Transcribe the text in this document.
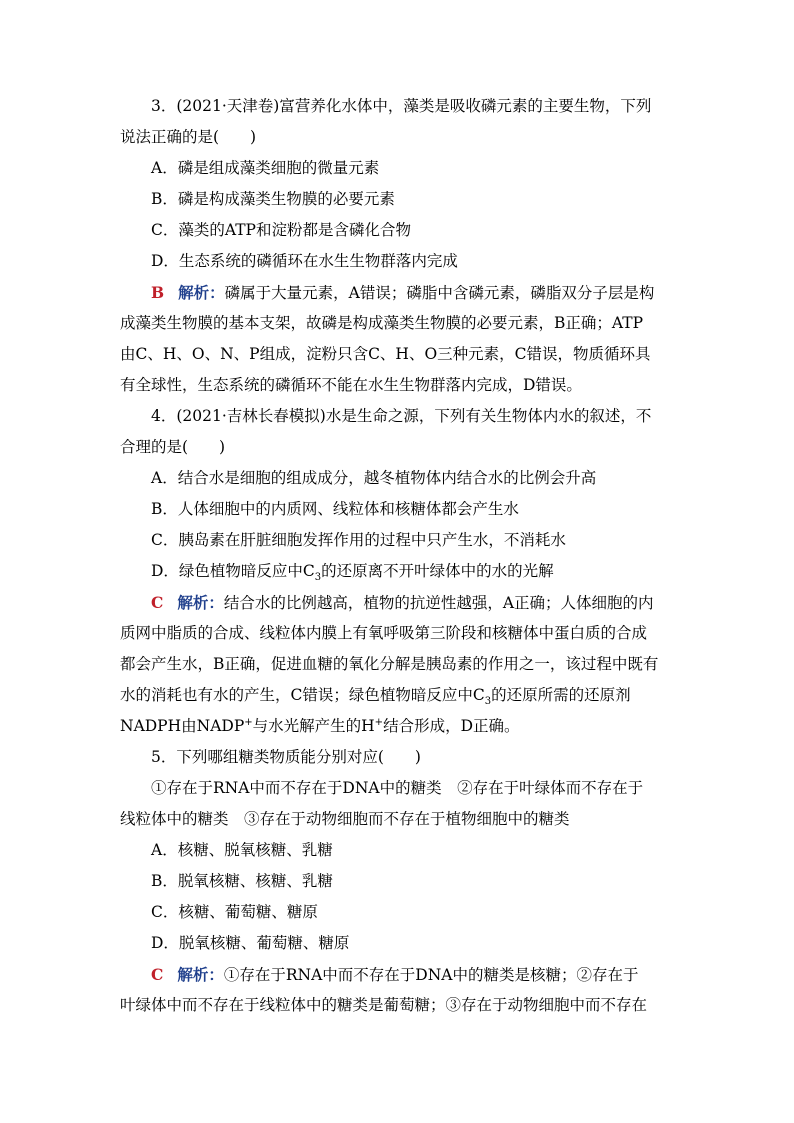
3．(2021·天津卷)富营养化水体中，藻类是吸收磷元素的主要生物，下列
说法正确的是(　　)
A．磷是组成藻类细胞的微量元素
B．磷是构成藻类生物膜的必要元素
C．藻类的ATP和淀粉都是含磷化合物
D．生态系统的磷循环在水生生物群落内完成
B 解析：磷属于大量元素，A错误；磷脂中含磷元素，磷脂双分子层是构
成藻类生物膜的基本支架，故磷是构成藻类生物膜的必要元素，B正确；ATP
由C、H、O、N、P组成，淀粉只含C、H、O三种元素，C错误，物质循环具
有全球性，生态系统的磷循环不能在水生生物群落内完成，D错误。
4．(2021·吉林长春模拟)水是生命之源，下列有关生物体内水的叙述，不
合理的是(　　)
A．结合水是细胞的组成成分，越冬植物体内结合水的比例会升高
B．人体细胞中的内质网、线粒体和核糖体都会产生水
C．胰岛素在肝脏细胞发挥作用的过程中只产生水，不消耗水
D．绿色植物暗反应中$C_3$的还原离不开叶绿体中的水的光解
C 解析：结合水的比例越高，植物的抗逆性越强，A正确；人体细胞的内
质网中脂质的合成、线粒体内膜上有氧呼吸第三阶段和核糖体中蛋白质的合成
都会产生水，B正确，促进血糖的氧化分解是胰岛素的作用之一，该过程中既有
水的消耗也有水的产生，C错误；绿色植物暗反应中$C_3$的还原所需的还原剂
NADPH由NADP+与水光解产生的H+结合形成，D正确。
5．下列哪组糖类物质能分别对应(　　)
①存在于RNA中而不存在于DNA中的糖类　②存在于叶绿体而不存在于
线粒体中的糖类　③存在于动物细胞而不存在于植物细胞中的糖类
A．核糖、脱氧核糖、乳糖
B．脱氧核糖、核糖、乳糖
C．核糖、葡萄糖、糖原
D．脱氧核糖、葡萄糖、糖原
C 解析：①存在于RNA中而不存在于DNA中的糖类是核糖；②存在于
叶绿体中而不存在于线粒体中的糖类是葡萄糖；③存在于动物细胞中而不存在
